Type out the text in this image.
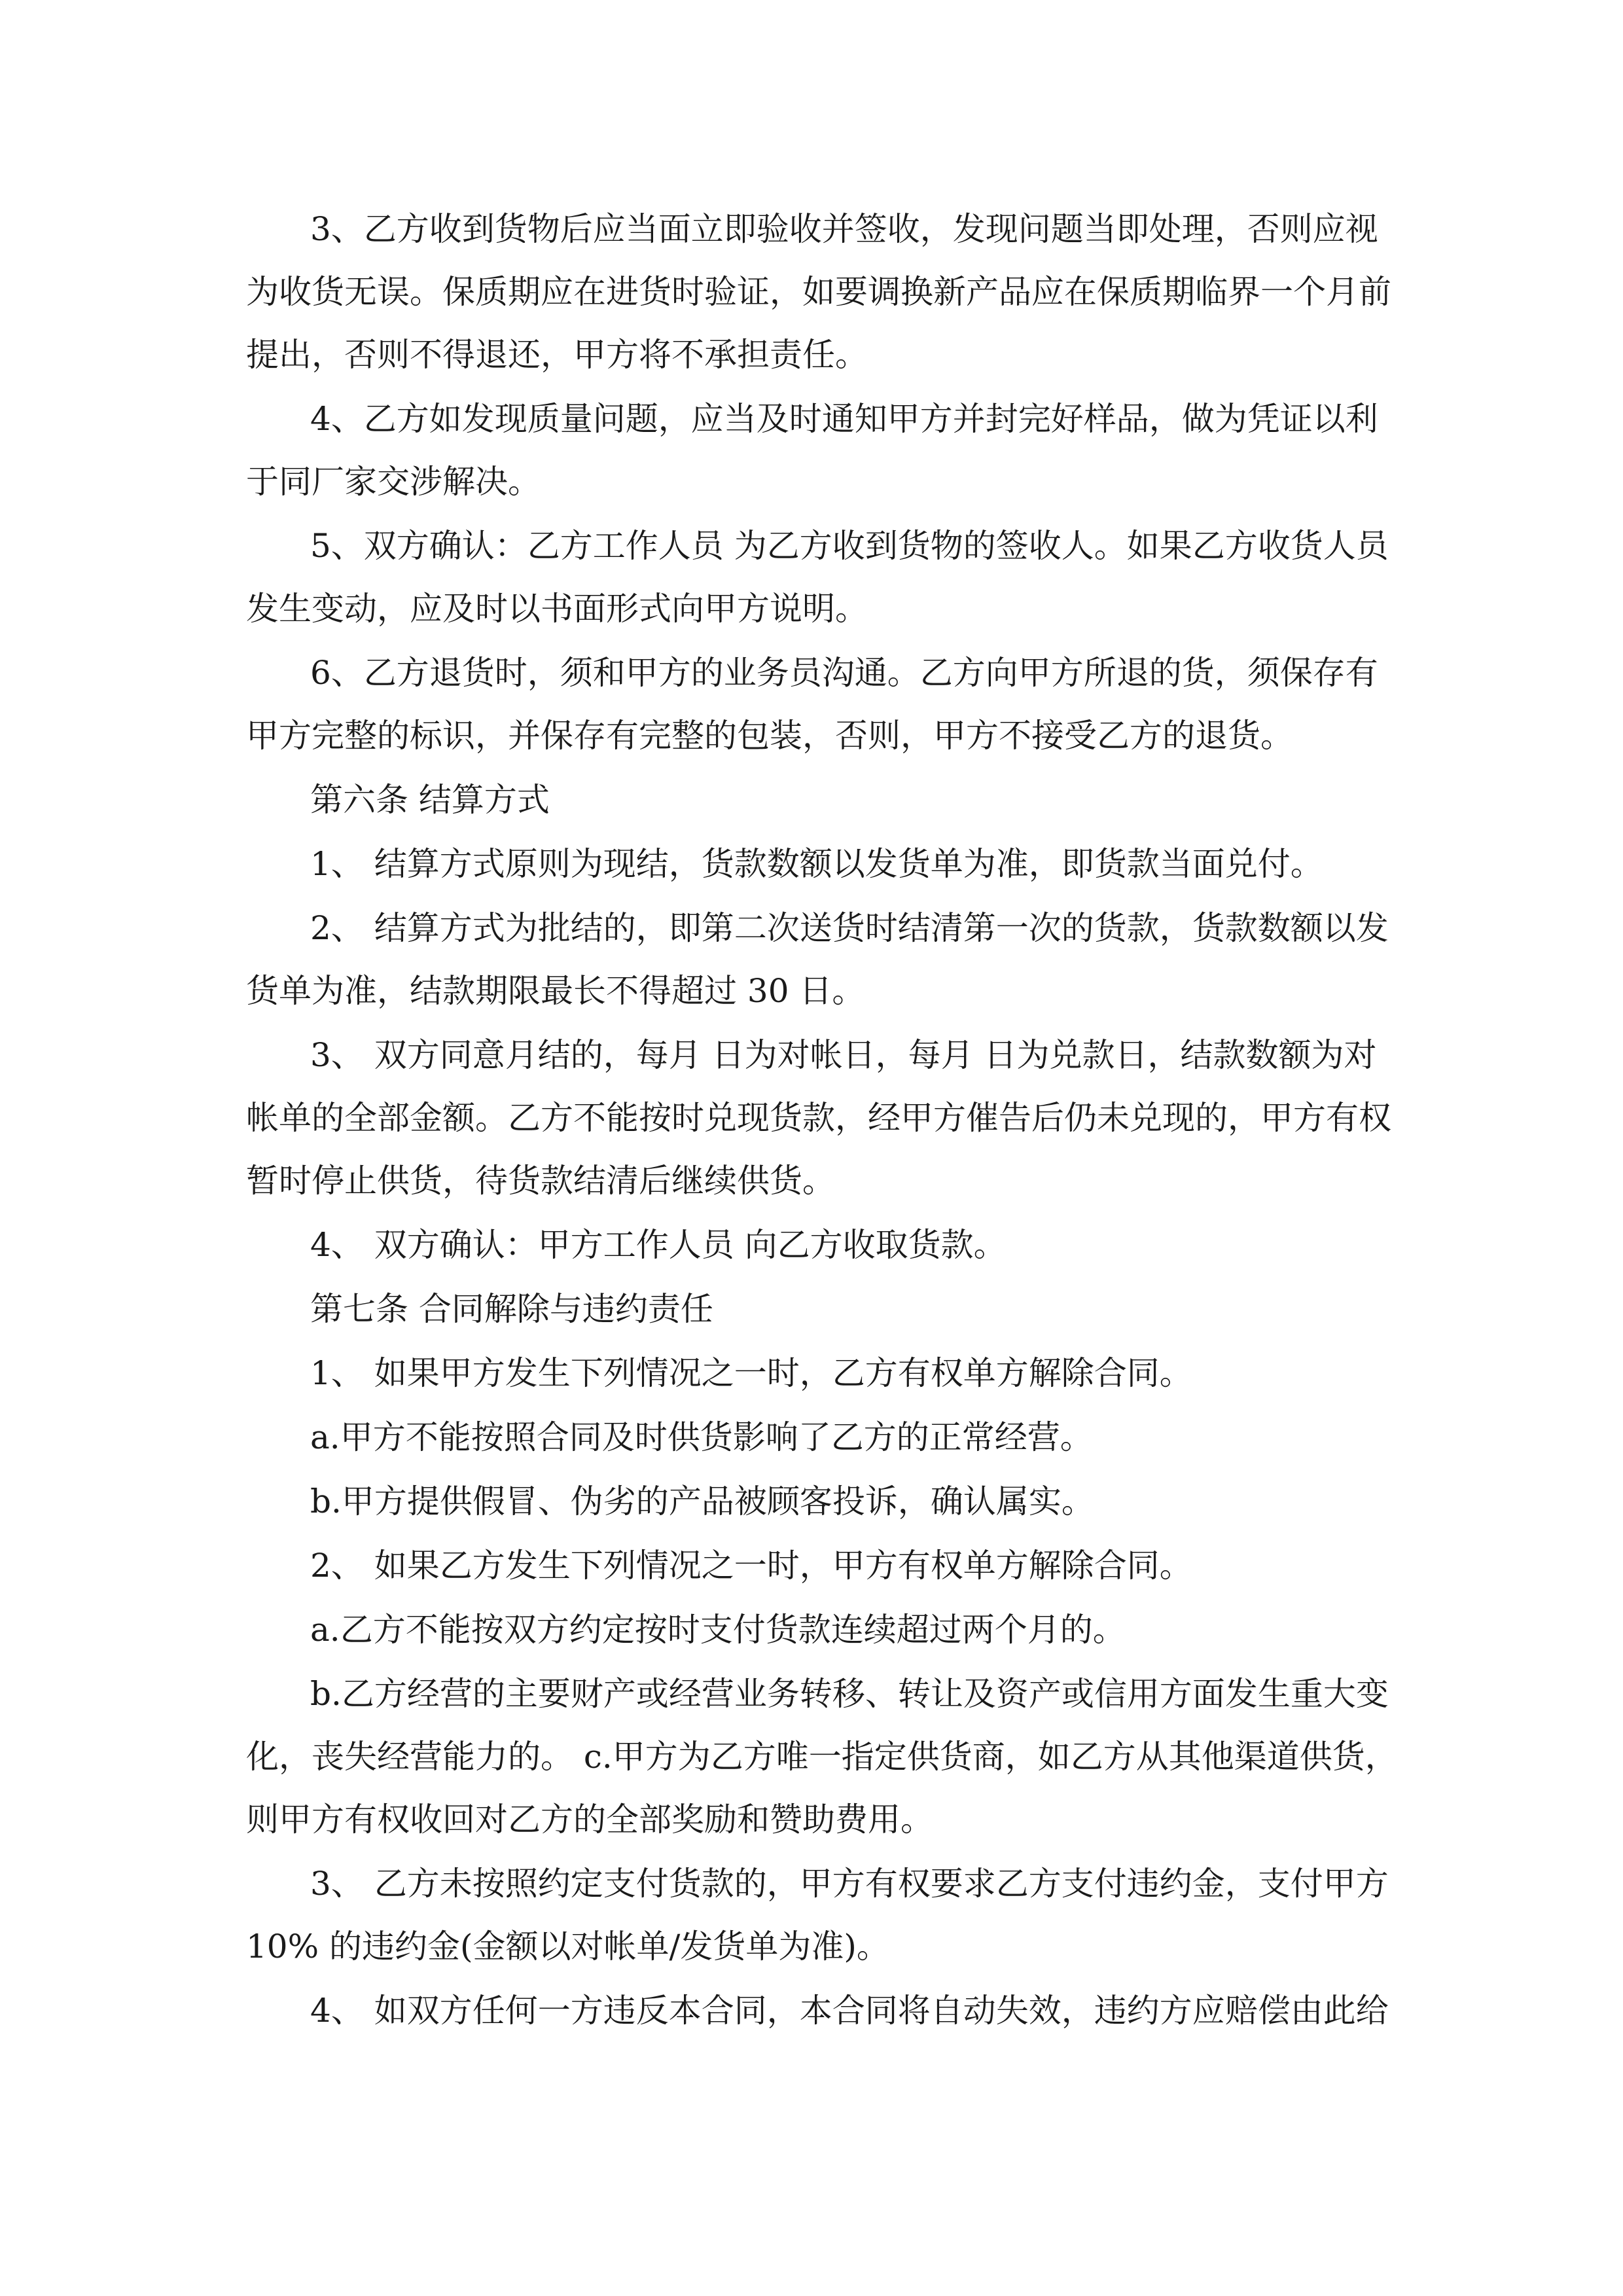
3、乙方收到货物后应当面立即验收并签收，发现问题当即处理，否则应视
为收货无误。保质期应在进货时验证，如要调换新产品应在保质期临界一个月前
提出，否则不得退还，甲方将不承担责任。
4、乙方如发现质量问题，应当及时通知甲方并封完好样品，做为凭证以利
于同厂家交涉解决。
5、双方确认：乙方工作人员 为乙方收到货物的签收人。如果乙方收货人员
发生变动，应及时以书面形式向甲方说明。
6、乙方退货时，须和甲方的业务员沟通。乙方向甲方所退的货，须保存有
甲方完整的标识，并保存有完整的包装，否则，甲方不接受乙方的退货。
第六条 结算方式
1、 结算方式原则为现结，货款数额以发货单为准，即货款当面兑付。
2、 结算方式为批结的，即第二次送货时结清第一次的货款，货款数额以发
货单为准，结款期限最长不得超过 30 日。
3、 双方同意月结的，每月 日为对帐日，每月 日为兑款日，结款数额为对
帐单的全部金额。乙方不能按时兑现货款，经甲方催告后仍未兑现的，甲方有权
暂时停止供货，待货款结清后继续供货。
4、 双方确认：甲方工作人员 向乙方收取货款。
第七条 合同解除与违约责任
1、 如果甲方发生下列情况之一时，乙方有权单方解除合同。
a.甲方不能按照合同及时供货影响了乙方的正常经营。
b.甲方提供假冒、伪劣的产品被顾客投诉，确认属实。
2、 如果乙方发生下列情况之一时，甲方有权单方解除合同。
a.乙方不能按双方约定按时支付货款连续超过两个月的。
b.乙方经营的主要财产或经营业务转移、转让及资产或信用方面发生重大变
化，丧失经营能力的。 c.甲方为乙方唯一指定供货商，如乙方从其他渠道供货，
则甲方有权收回对乙方的全部奖励和赞助费用。
3、 乙方未按照约定支付货款的，甲方有权要求乙方支付违约金，支付甲方
10% 的违约金(金额以对帐单/发货单为准)。
4、 如双方任何一方违反本合同，本合同将自动失效，违约方应赔偿由此给
